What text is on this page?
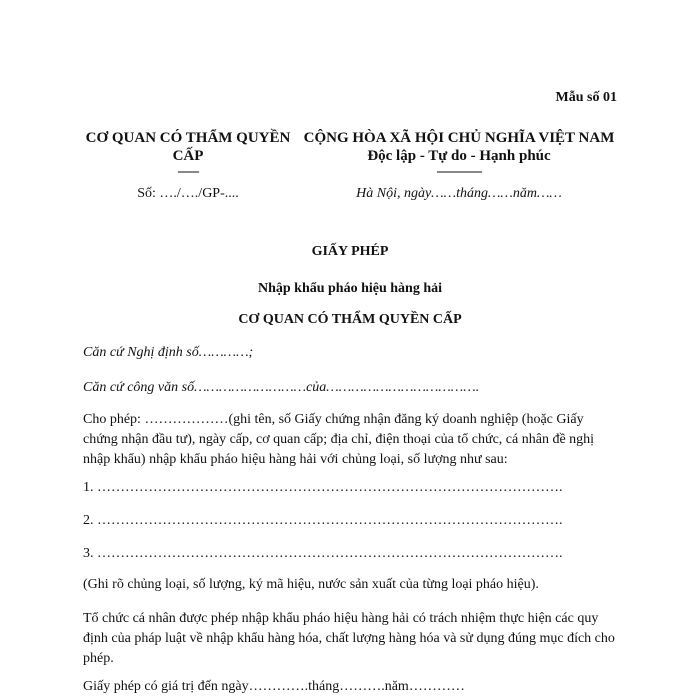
Mẫu số 01
CƠ QUAN CÓ THẨM QUYỀN
CẤP
-------
CỘNG HÒA XÃ HỘI CHỦ NGHĨA VIỆT NAM
Độc lập - Tự do - Hạnh phúc
---------------
Số: …./…./GP-....	Hà Nội, ngày……tháng……năm……
GIẤY PHÉP
Nhập khẩu pháo hiệu hàng hải
CƠ QUAN CÓ THẨM QUYỀN CẤP
Căn cứ Nghị định số…………;
Căn cứ công văn số………………………của……………………………….
Cho phép: ………………(ghi tên, số Giấy chứng nhận đăng ký doanh nghiệp (hoặc Giấy chứng nhận đầu tư), ngày cấp, cơ quan cấp; địa chỉ, điện thoại của tổ chức, cá nhân đề nghị nhập khẩu) nhập khẩu pháo hiệu hàng hải với chủng loại, số lượng như sau:
1. ……………………………………………………………………………………….
2. ……………………………………………………………………………………….
3. ……………………………………………………………………………………….
(Ghi rõ chủng loại, số lượng, ký mã hiệu, nước sản xuất của từng loại pháo hiệu).
Tổ chức cá nhân được phép nhập khẩu pháo hiệu hàng hải có trách nhiệm thực hiện các quy định của pháp luật về nhập khẩu hàng hóa, chất lượng hàng hóa và sử dụng đúng mục đích cho phép.
Giấy phép có giá trị đến ngày………….tháng……….năm…………
